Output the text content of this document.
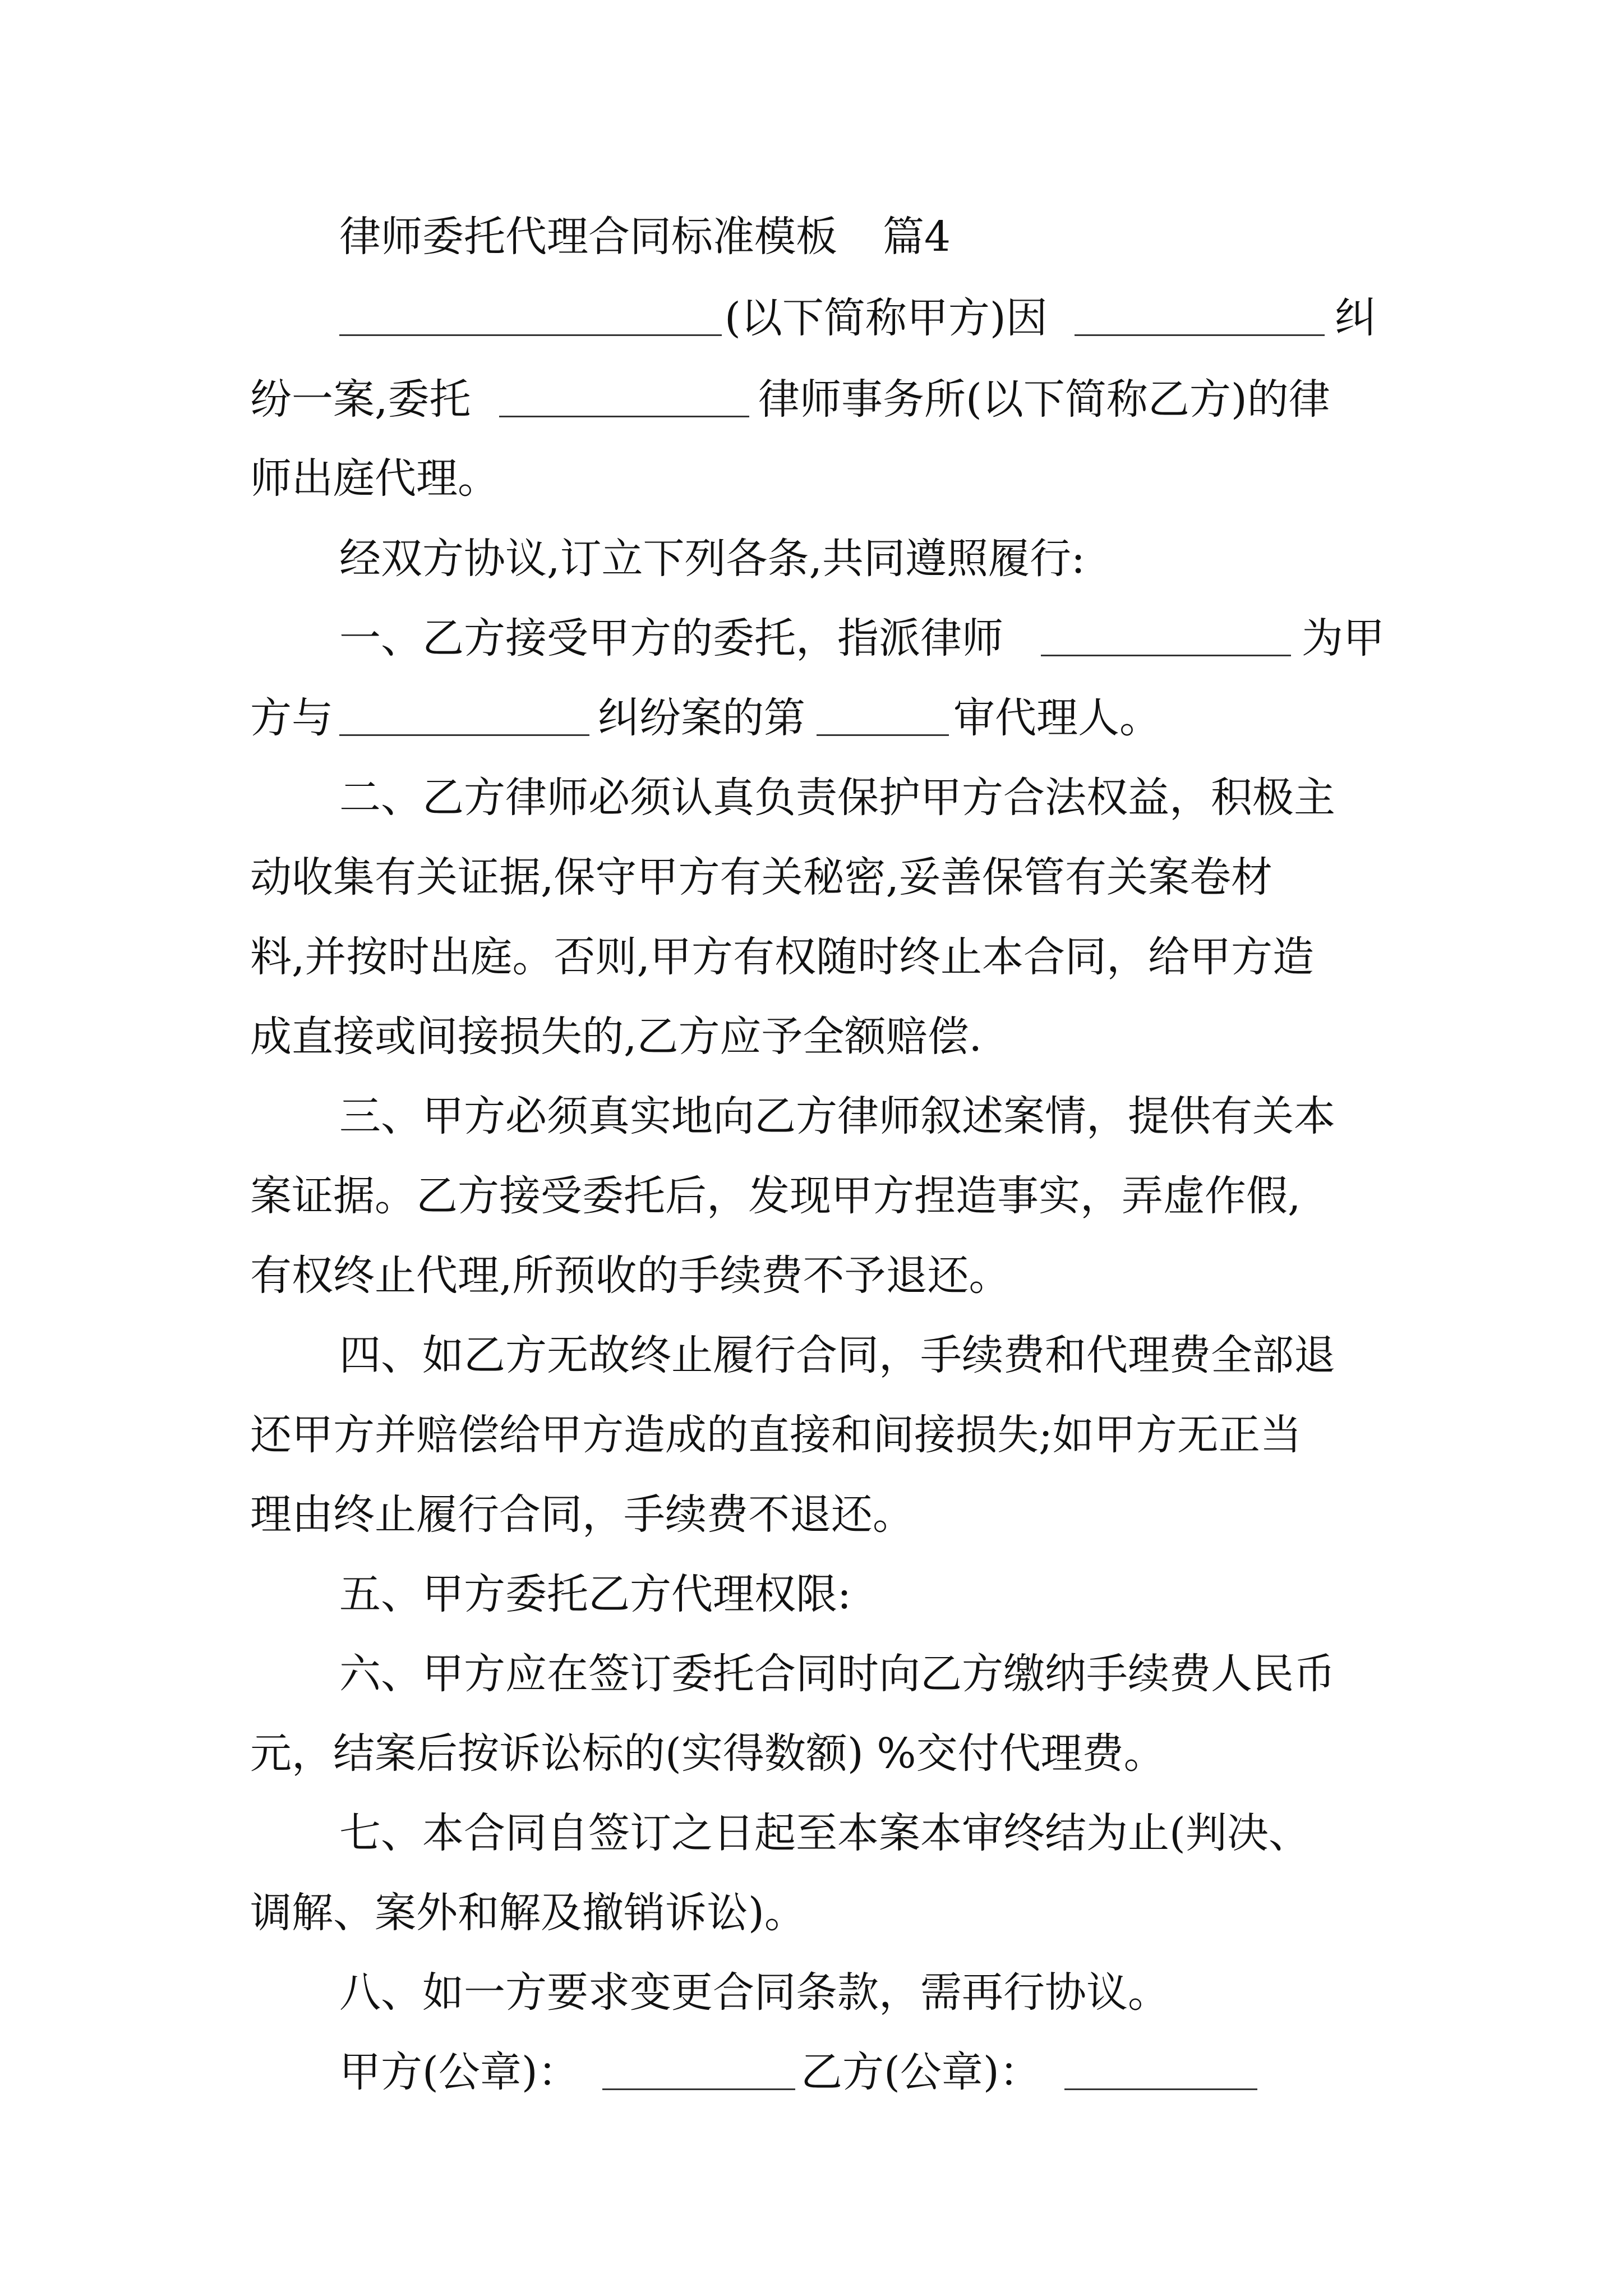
律师委托代理合同标准模板 篇4
(以下简称甲方)因	纠
纷一案,委托	律师事务所(以下简称乙方)的律
师出庭代理。
经双方协议,订立下列各条,共同遵照履行:
一、乙方接受甲方的委托，指派律师	为甲
方与	纠纷案的第	审代理人。
二、乙方律师必须认真负责保护甲方合法权益，积极主
动收集有关证据,保守甲方有关秘密,妥善保管有关案卷材
料,并按时出庭。否则,甲方有权随时终止本合同，给甲方造
成直接或间接损失的,乙方应予全额赔偿.
三、甲方必须真实地向乙方律师叙述案情，提供有关本
案证据。乙方接受委托后，发现甲方捏造事实，弄虚作假,
有权终止代理,所预收的手续费不予退还。
四、如乙方无故终止履行合同，手续费和代理费全部退
还甲方并赔偿给甲方造成的直接和间接损失;如甲方无正当
理由终止履行合同，手续费不退还。
五、甲方委托乙方代理权限:
六、甲方应在签订委托合同时向乙方缴纳手续费人民币
元，结案后按诉讼标的(实得数额) %交付代理费。
七、本合同自签订之日起至本案本审终结为止(判决、
调解、案外和解及撤销诉讼)。
八、如一方要求变更合同条款，需再行协议。
甲方(公章)：	乙方(公章)：
